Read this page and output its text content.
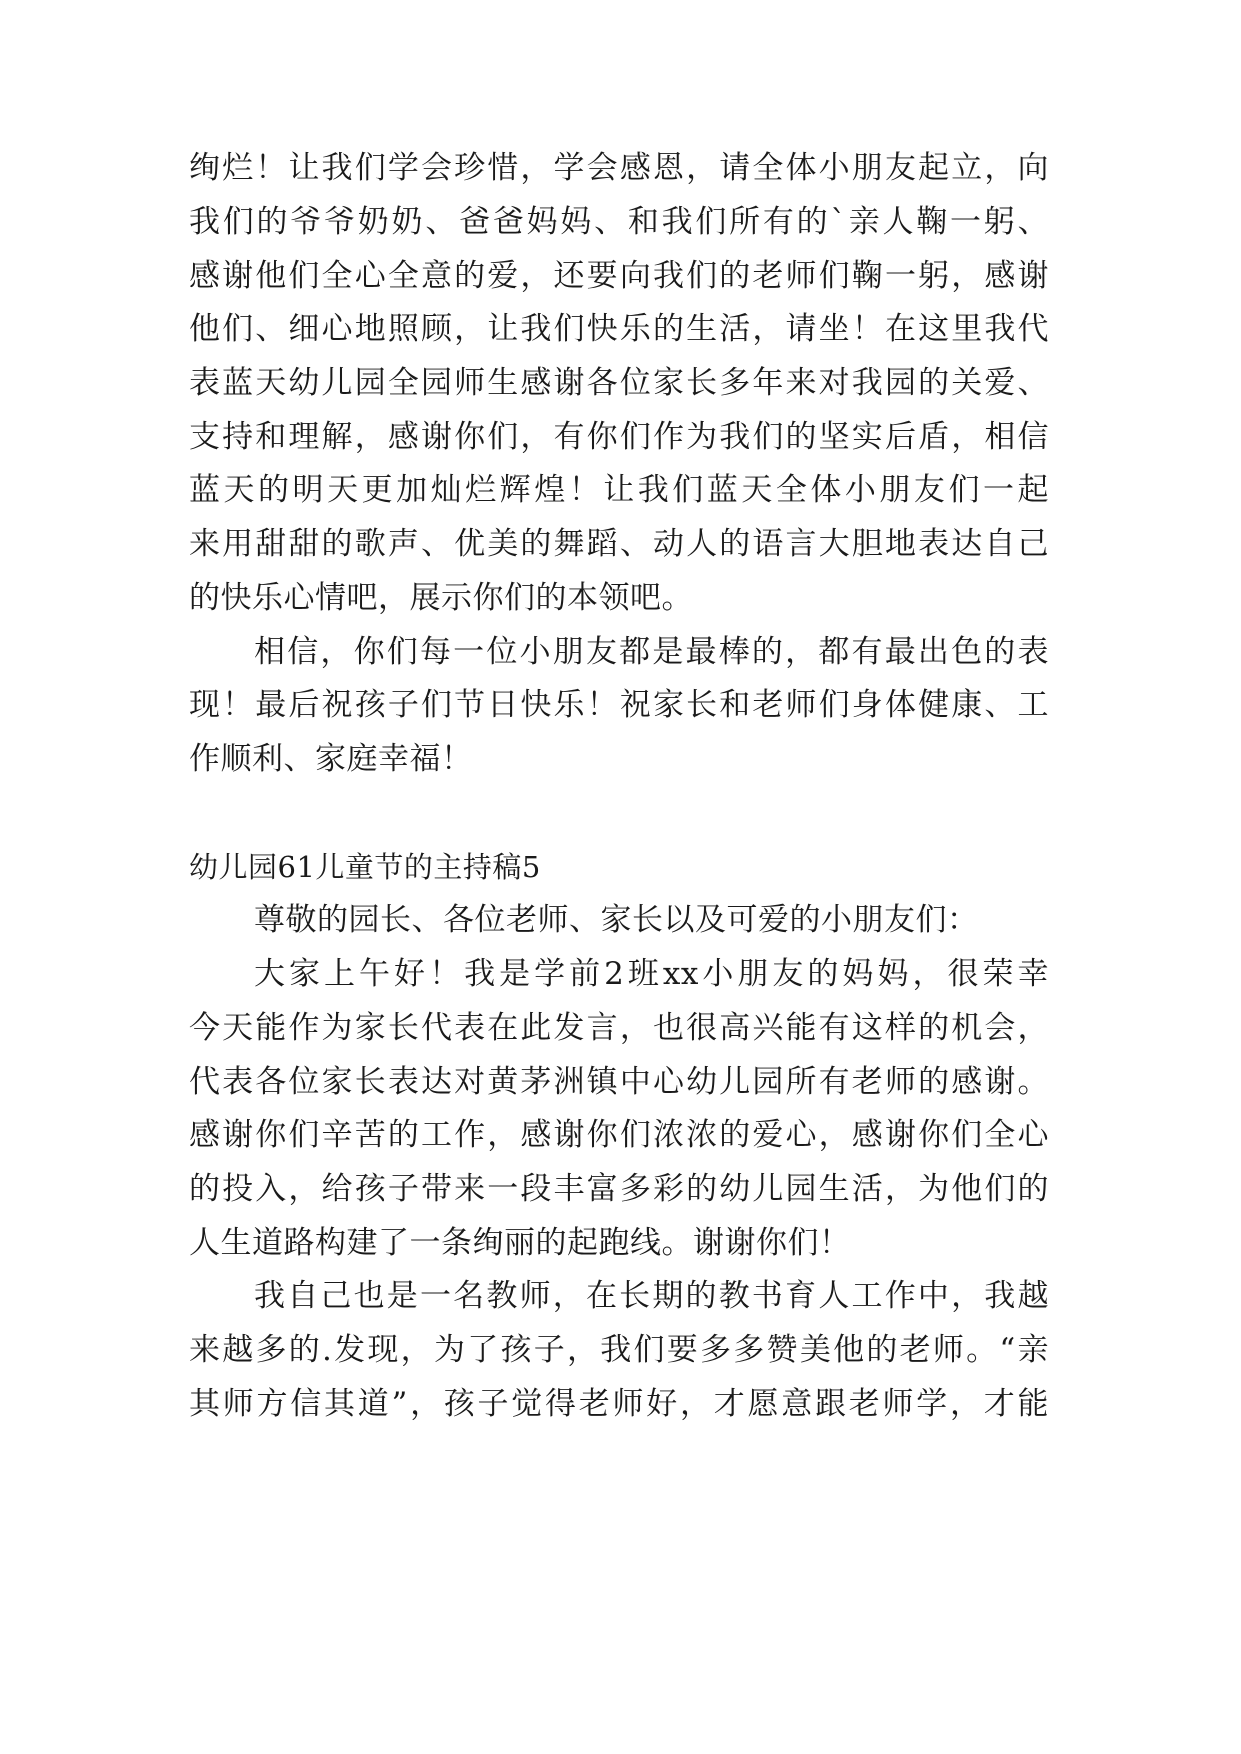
绚烂！让我们学会珍惜，学会感恩，请全体小朋友起立，向
我们的爷爷奶奶、爸爸妈妈、和我们所有的`亲人鞠一躬、
感谢他们全心全意的爱，还要向我们的老师们鞠一躬，感谢
他们、细心地照顾，让我们快乐的生活，请坐！在这里我代
表蓝天幼儿园全园师生感谢各位家长多年来对我园的关爱、
支持和理解，感谢你们，有你们作为我们的坚实后盾，相信
蓝天的明天更加灿烂辉煌！让我们蓝天全体小朋友们一起
来用甜甜的歌声、优美的舞蹈、动人的语言大胆地表达自己
的快乐心情吧，展示你们的本领吧。
相信，你们每一位小朋友都是最棒的，都有最出色的表
现！最后祝孩子们节日快乐！祝家长和老师们身体健康、工
作顺利、家庭幸福！
幼儿园61儿童节的主持稿5
尊敬的园长、各位老师、家长以及可爱的小朋友们：
大家上午好！我是学前2班xx小朋友的妈妈，很荣幸
今天能作为家长代表在此发言，也很高兴能有这样的机会，
代表各位家长表达对黄茅洲镇中心幼儿园所有老师的感谢。
感谢你们辛苦的工作，感谢你们浓浓的爱心，感谢你们全心
的投入，给孩子带来一段丰富多彩的幼儿园生活，为他们的
人生道路构建了一条绚丽的起跑线。谢谢你们！
我自己也是一名教师，在长期的教书育人工作中，我越
来越多的.发现，为了孩子，我们要多多赞美他的老师。“亲
其师方信其道”，孩子觉得老师好，才愿意跟老师学，才能
